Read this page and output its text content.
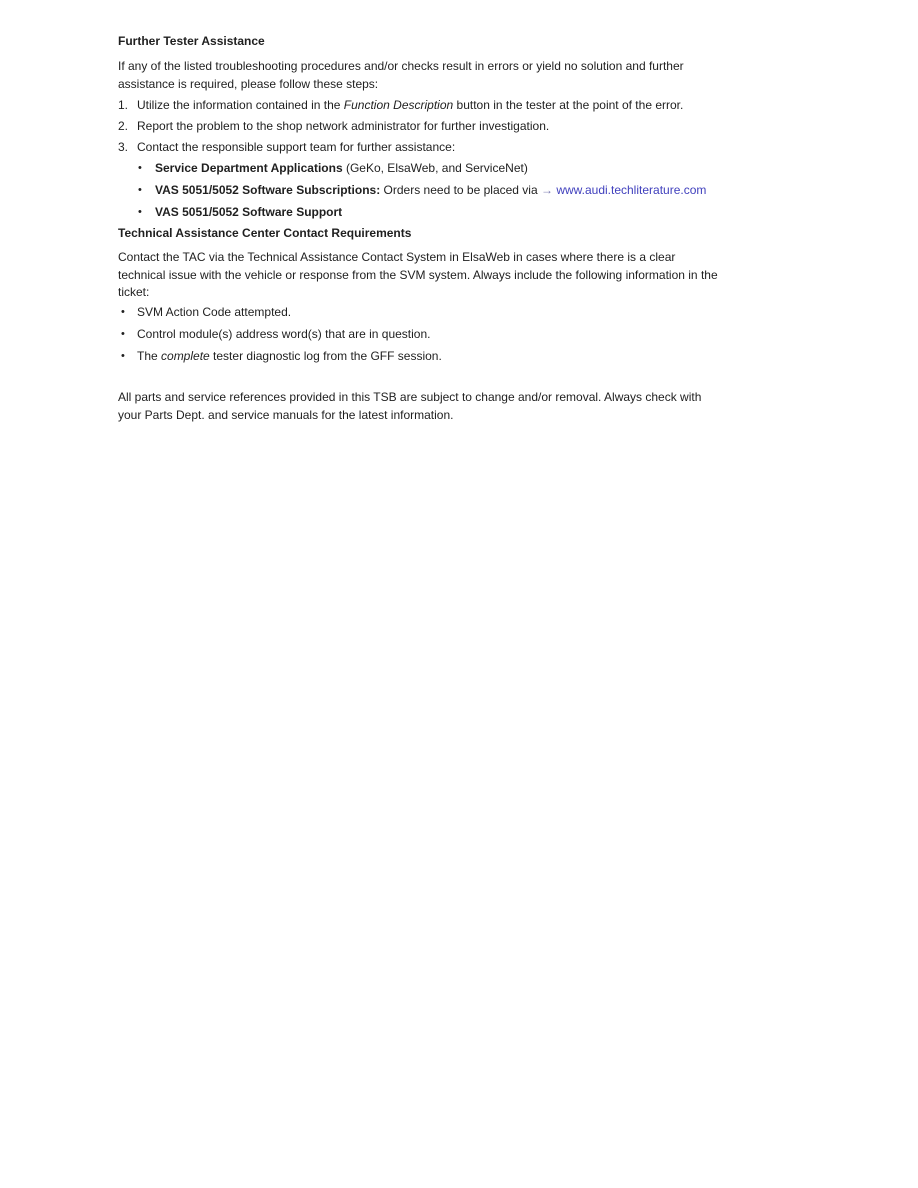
Further Tester Assistance
If any of the listed troubleshooting procedures and/or checks result in errors or yield no solution and further
assistance is required, please follow these steps:
1. Utilize the information contained in the Function Description button in the tester at the point of the error.
2. Report the problem to the shop network administrator for further investigation.
3. Contact the responsible support team for further assistance:
•	Service Department Applications (GeKo, ElsaWeb, and ServiceNet)
•	VAS 5051/5052 Software Subscriptions: Orders need to be placed via → www.audi.techliterature.com
•	VAS 5051/5052 Software Support
Technical Assistance Center Contact Requirements
Contact the TAC via the Technical Assistance Contact System in ElsaWeb in cases where there is a clear
technical issue with the vehicle or response from the SVM system. Always include the following information in the
ticket:
•	SVM Action Code attempted.
•	Control module(s) address word(s) that are in question.
•	The complete tester diagnostic log from the GFF session.
All parts and service references provided in this TSB are subject to change and/or removal. Always check with
your Parts Dept. and service manuals for the latest information.
